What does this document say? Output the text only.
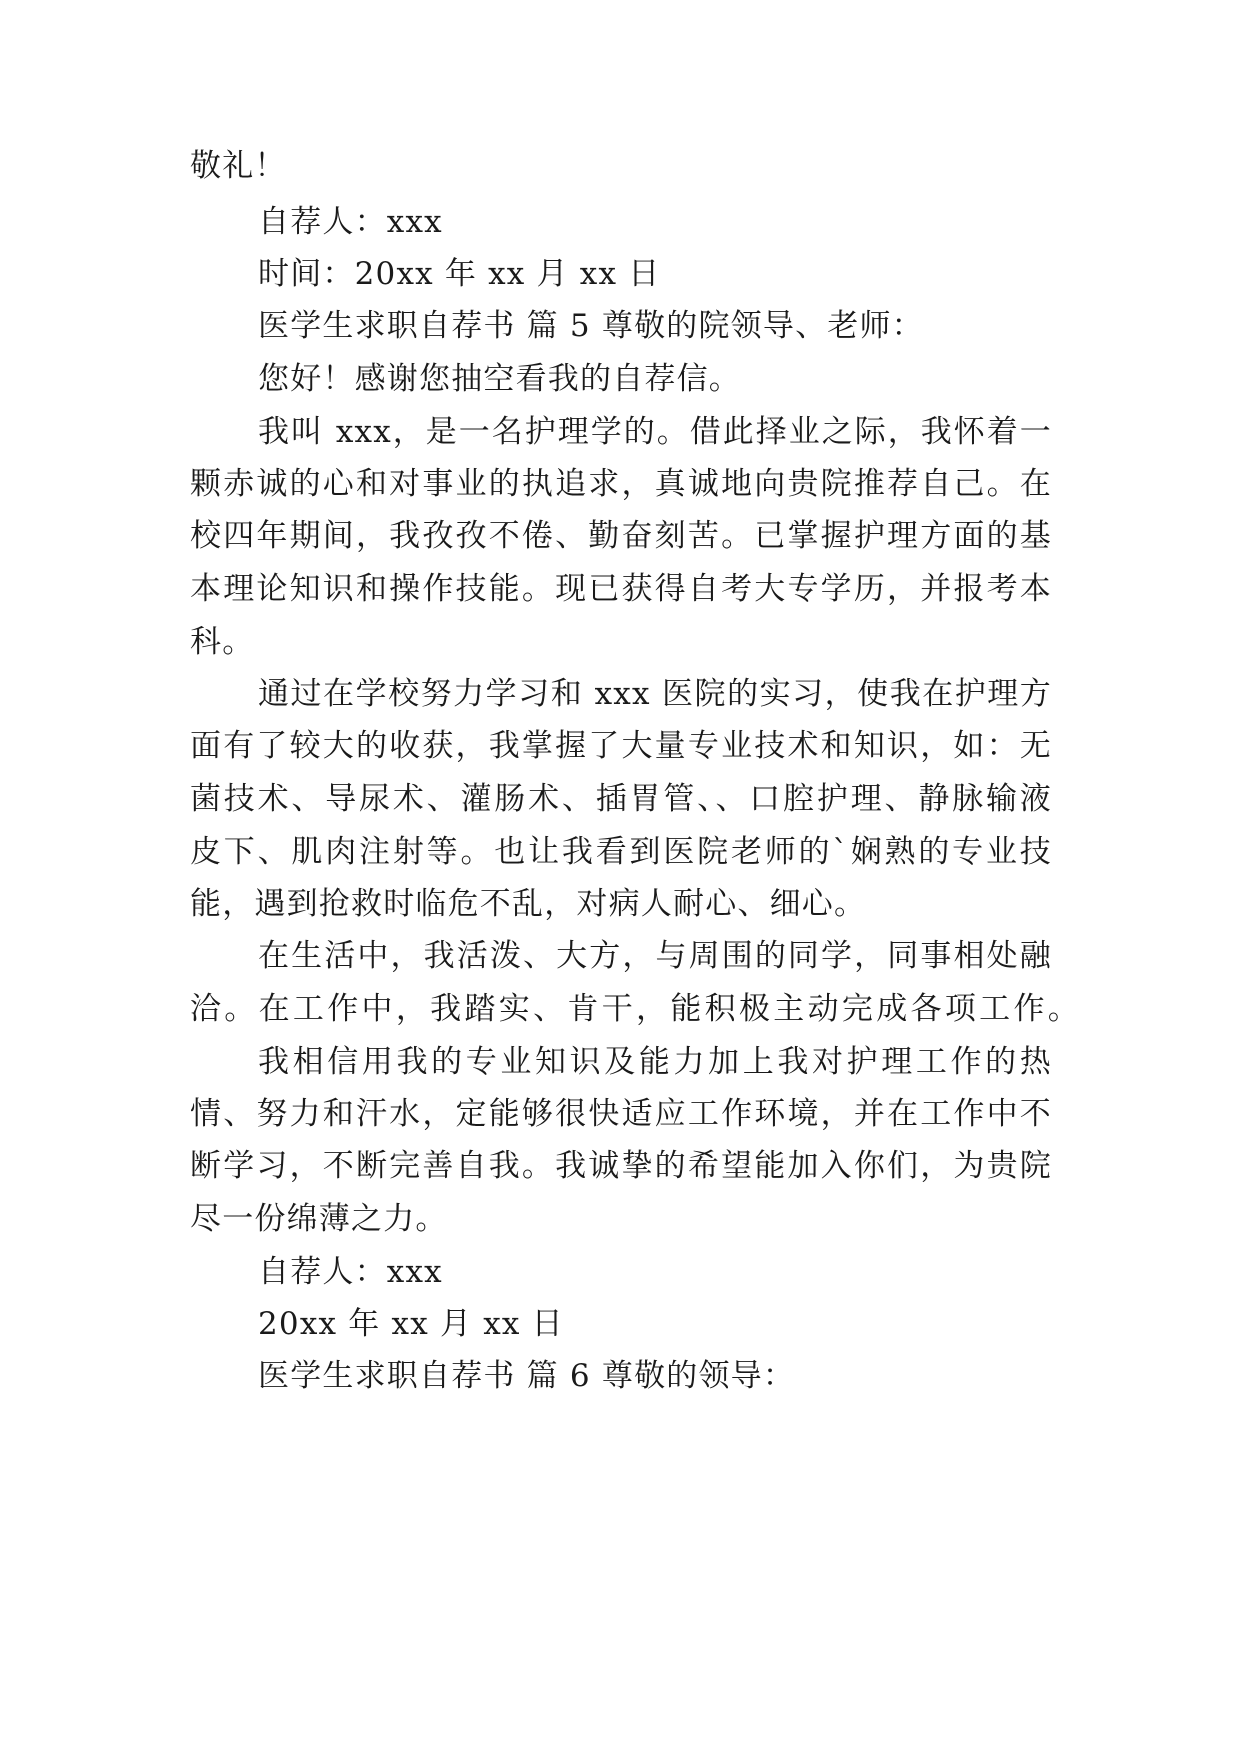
敬礼！
自荐人：xxx
时间：20xx 年 xx 月 xx 日
医学生求职自荐书 篇 5 尊敬的院领导、老师：
您好！感谢您抽空看我的自荐信。
我叫 xxx，是一名护理学的。借此择业之际，我怀着一
颗赤诚的心和对事业的执追求，真诚地向贵院推荐自己。在
校四年期间，我孜孜不倦、勤奋刻苦。已掌握护理方面的基
本理论知识和操作技能。现已获得自考大专学历，并报考本
科。
通过在学校努力学习和 xxx 医院的实习，使我在护理方
面有了较大的收获，我掌握了大量专业技术和知识，如：无
菌技术、导尿术、灌肠术、插胃管、、口腔护理、静脉输液
皮下、肌肉注射等。也让我看到医院老师的`娴熟的专业技
能，遇到抢救时临危不乱，对病人耐心、细心。
在生活中，我活泼、大方，与周围的同学，同事相处融
洽。在工作中，我踏实、肯干，能积极主动完成各项工作。
我相信用我的专业知识及能力加上我对护理工作的热
情、努力和汗水，定能够很快适应工作环境，并在工作中不
断学习，不断完善自我。我诚挚的希望能加入你们，为贵院
尽一份绵薄之力。
自荐人：xxx
20xx 年 xx 月 xx 日
医学生求职自荐书 篇 6 尊敬的领导：
